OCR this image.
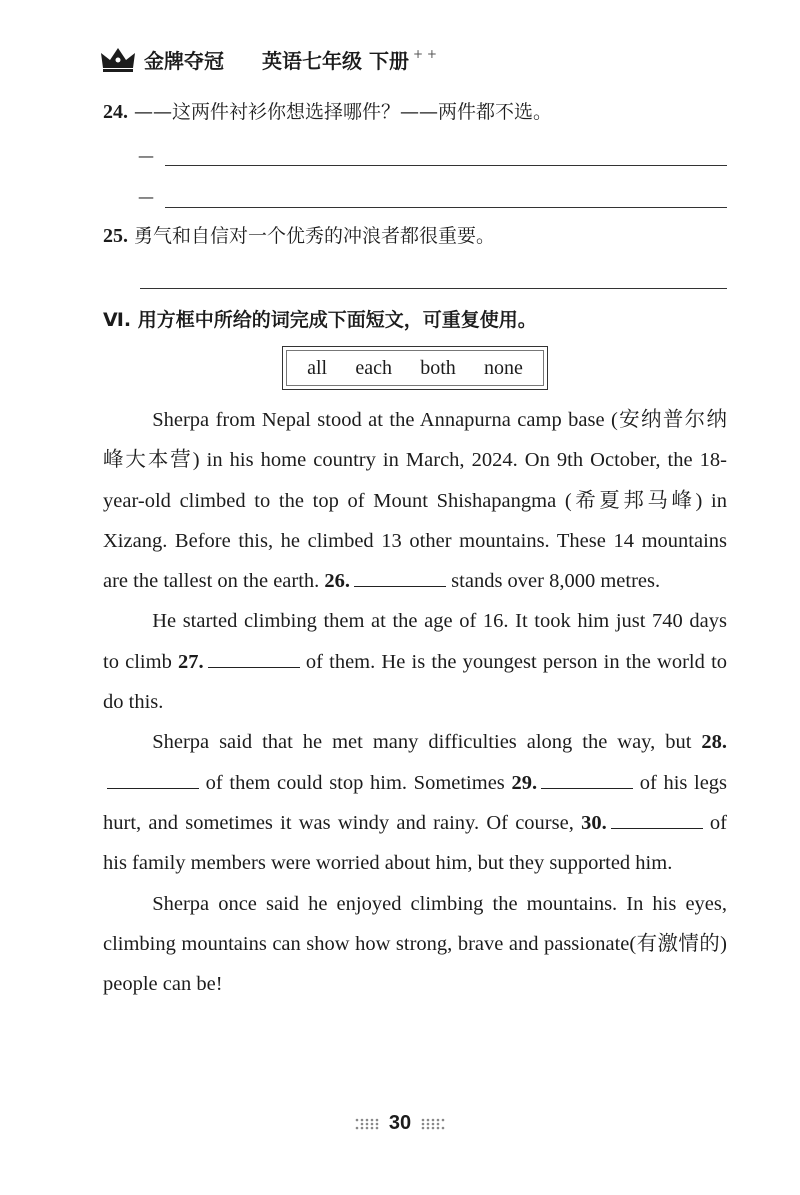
金牌夺冠 英语七年级 下册 + +
24. ——这两件衬衫你想选择哪件？——两件都不选。
—
—
25. 勇气和自信对一个优秀的冲浪者都很重要。
Ⅵ. 用方框中所给的词完成下面短文，可重复使用。
all each both none

Sherpa from Nepal stood at the Annapurna camp base (安纳普尔纳峰大本营) in his home country in March, 2024. On 9th October, the 18-year-old climbed to the top of Mount Shishapangma (希夏邦马峰) in Xizang. Before this, he climbed 13 other mountains. These 14 mountains are the tallest on the earth. 26.	stands over 8,000 metres.

He started climbing them at the age of 16. It took him just 740 days to climb 27.	of them. He is the youngest person in the world to do this.

Sherpa said that he met many difficulties along the way, but 28. of them could stop him. Sometimes 29.	of his legs hurt, and sometimes it was windy and rainy. Of course, 30.	of his family members were worried about him, but they supported him.

Sherpa once said he enjoyed climbing the mountains. In his eyes, climbing mountains can show how strong, brave and passionate(有激情的) people can be!

30
